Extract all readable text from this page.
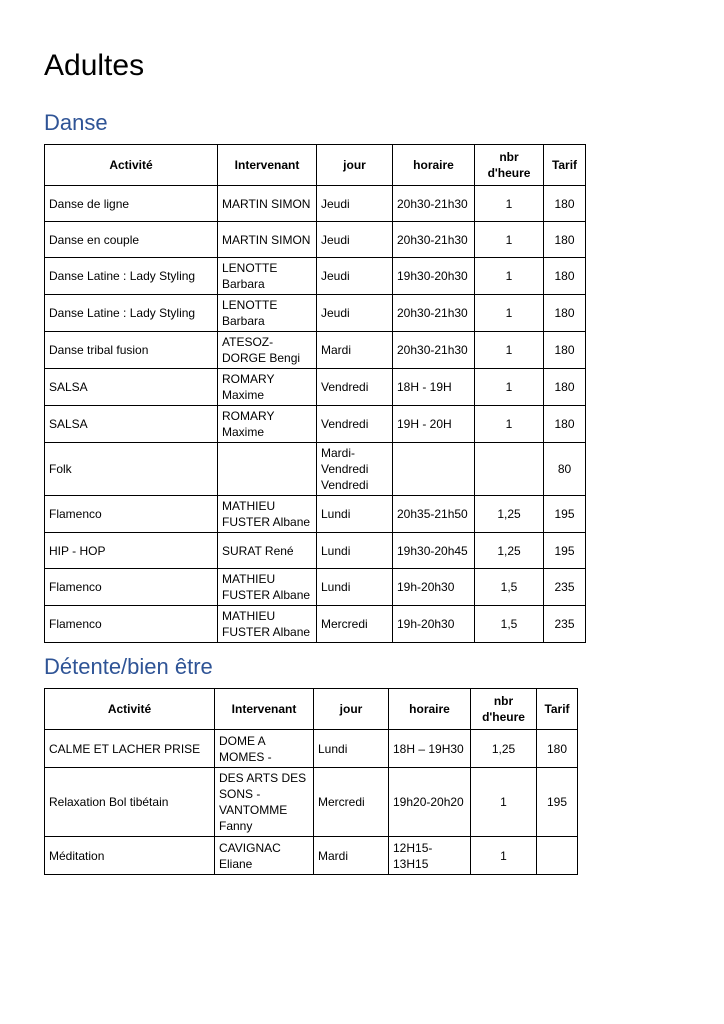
Adultes
Danse
Activité	Intervenant	jour	horaire	nbr d'heure	Tarif
Danse de ligne	MARTIN SIMON	Jeudi	20h30-21h30	1	180
Danse en couple	MARTIN SIMON	Jeudi	20h30-21h30	1	180
Danse Latine : Lady Styling	LENOTTE Barbara	Jeudi	19h30-20h30	1	180
Danse Latine : Lady Styling	LENOTTE Barbara	Jeudi	20h30-21h30	1	180
Danse tribal fusion	ATESOZ-DORGE Bengi	Mardi	20h30-21h30	1	180
SALSA	ROMARY Maxime	Vendredi	18H - 19H	1	180
SALSA	ROMARY Maxime	Vendredi	19H - 20H	1	180
Folk		Mardi- Vendredi Vendredi			80
Flamenco	MATHIEU FUSTER Albane	Lundi	20h35-21h50	1,25	195
HIP - HOP	SURAT René	Lundi	19h30-20h45	1,25	195
Flamenco	MATHIEU FUSTER Albane	Lundi	19h-20h30	1,5	235
Flamenco	MATHIEU FUSTER Albane	Mercredi	19h-20h30	1,5	235
Détente/bien être
Activité	Intervenant	jour	horaire	nbr d'heure	Tarif
CALME ET LACHER PRISE	DOME A MOMES -	Lundi	18H – 19H30	1,25	180
Relaxation Bol tibétain	DES ARTS DES SONS - VANTOMME Fanny	Mercredi	19h20-20h20	1	195
Méditation	CAVIGNAC Eliane	Mardi	12H15-13H15	1	
